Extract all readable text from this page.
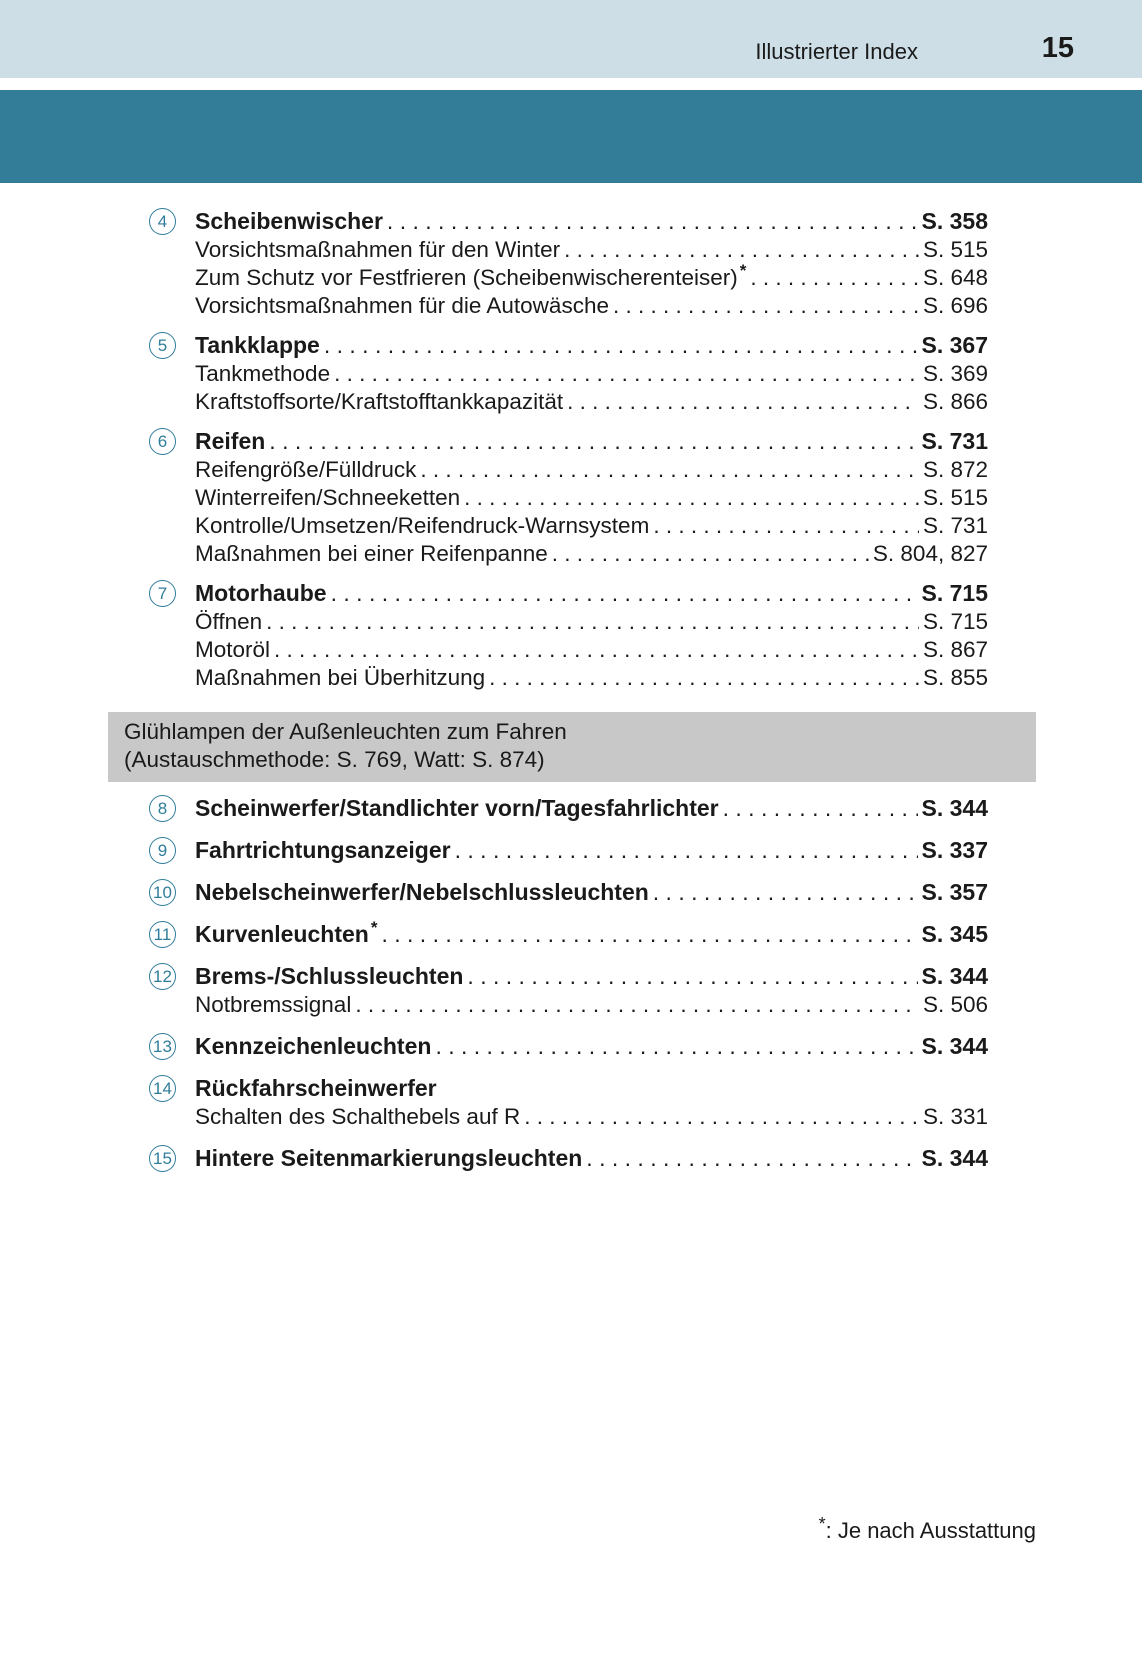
Illustrierter Index	15
4	Scheibenwischer . . .	S. 358
Vorsichtsmaßnahmen für den Winter . . .	S. 515
Zum Schutz vor Festfrieren (Scheibenwischerenteiser) * . . .	S. 648
Vorsichtsmaßnahmen für die Autowäsche . . .	S. 696
5	Tankklappe . . .	S. 367
Tankmethode . . .	S. 369
Kraftstoffsorte/Kraftstofftankkapazität . . .	S. 866
6	Reifen . . .	S. 731
Reifengröße/Fülldruck . . .	S. 872
Winterreifen/Schneeketten . . .	S. 515
Kontrolle/Umsetzen/Reifendruck-Warnsystem . . .	S. 731
Maßnahmen bei einer Reifenpanne . . .	S. 804, 827
7	Motorhaube . . .	S. 715
Öffnen . . .	S. 715
Motoröl . . .	S. 867
Maßnahmen bei Überhitzung . . .	S. 855
Glühlampen der Außenleuchten zum Fahren
(Austauschmethode: S. 769, Watt: S. 874)
8	Scheinwerfer/Standlichter vorn/Tagesfahrlichter . . .	S. 344
9	Fahrtrichtungsanzeiger . . .	S. 337
10 Nebelscheinwerfer/Nebelschlussleuchten . . .	S. 357
11 Kurvenleuchten * . . .	S. 345
12 Brems-/Schlussleuchten . . .	S. 344
Notbremssignal . . .	S. 506
13 Kennzeichenleuchten . . .	S. 344
14 Rückfahrscheinwerfer
Schalten des Schalthebels auf R . . .	S. 331
15 Hintere Seitenmarkierungsleuchten . . .	S. 344
*: Je nach Ausstattung
